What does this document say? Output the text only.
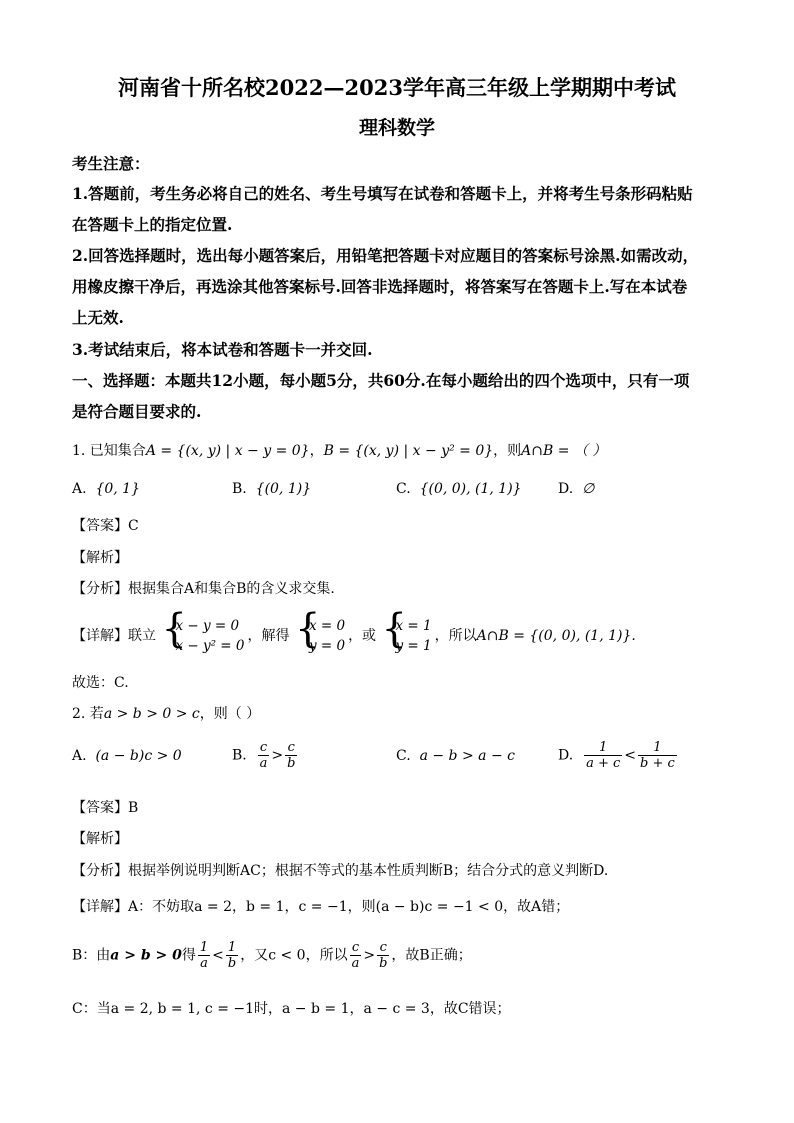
河南省十所名校2022—2023学年高三年级上学期期中考试
理科数学
考生注意：
1.答题前，考生务必将自己的姓名、考生号填写在试卷和答题卡上，并将考生号条形码粘贴
在答题卡上的指定位置.
2.回答选择题时，选出每小题答案后，用铅笔把答题卡对应题目的答案标号涂黑.如需改动，
用橡皮擦干净后，再选涂其他答案标号.回答非选择题时，将答案写在答题卡上.写在本试卷
上无效.
3.考试结束后，将本试卷和答题卡一并交回.
一、选择题：本题共12小题，每小题5分，共60分.在每小题给出的四个选项中，只有一项
是符合题目要求的.
1. 已知集合A = {(x, y) | x − y = 0}，B = {(x, y) | x − y² = 0}，则A∩B = （ ）
A. {0, 1}	B. {(0, 1)}	C. {(0, 0), (1, 1)}	D. ∅
【答案】C
【解析】
【分析】根据集合A和集合B的含义求交集.
【详解】联立
{ x − y = 0
x − y² = 0
，解得
{ x = 0
y = 0
，或
{ x = 1
y = 1
，所以A∩B = {(0, 0), (1, 1)}.
故选：C.
2. 若a > b > 0 > c，则（ ）
A. (a − b)c > 0	B. $\frac{c}{a} > \frac{c}{b}$	C. a − b > a − c	D. $\frac{1}{a + c} < \frac{1}{b + c}$
【答案】B
【解析】
【分析】根据举例说明判断AC；根据不等式的基本性质判断B；结合分式的意义判断D.
【详解】A：不妨取a = 2，b = 1，c = −1，则(a − b)c = −1 < 0，故A错；
B：由a > b > 0得 $\frac{1}{a} < \frac{1}{b}$ ，又c < 0，所以 $\frac{c}{a} > \frac{c}{b}$ ，故B正确；
C：当a = 2, b = 1, c = −1时，a − b = 1，a − c = 3，故C错误；
